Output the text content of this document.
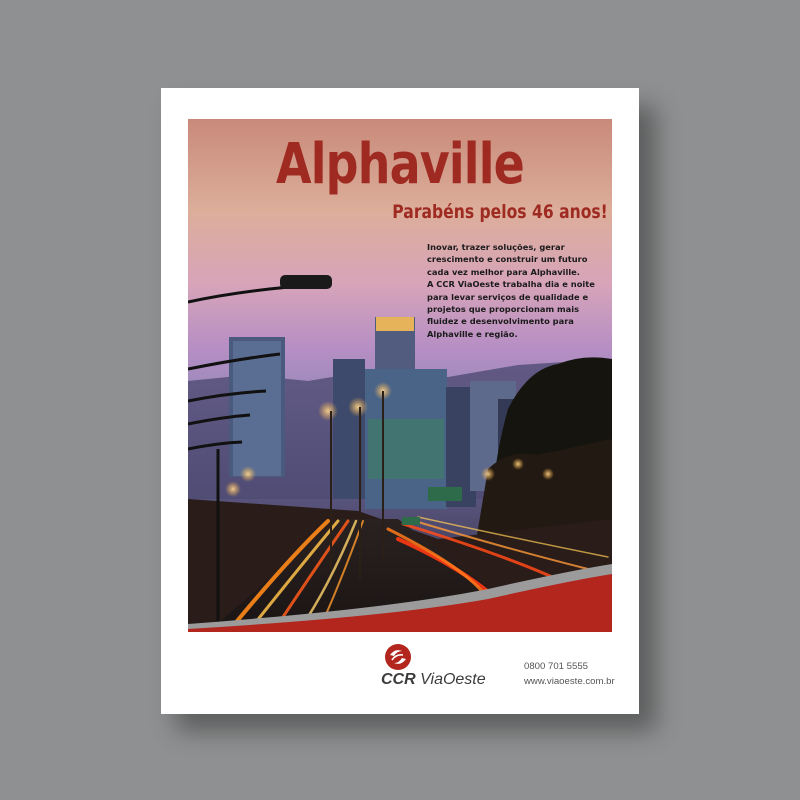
Alphaville
Parabéns pelos 46 anos!

Inovar, trazer soluções, gerar crescimento e construir um futuro cada vez melhor para Alphaville.

A CCR ViaOeste trabalha dia e noite para levar serviços de qualidade e projetos que proporcionam mais fluidez e desenvolvimento para Alphaville e região.

CCR ViaOeste
0800 701 5555
www.viaoeste.com.br
